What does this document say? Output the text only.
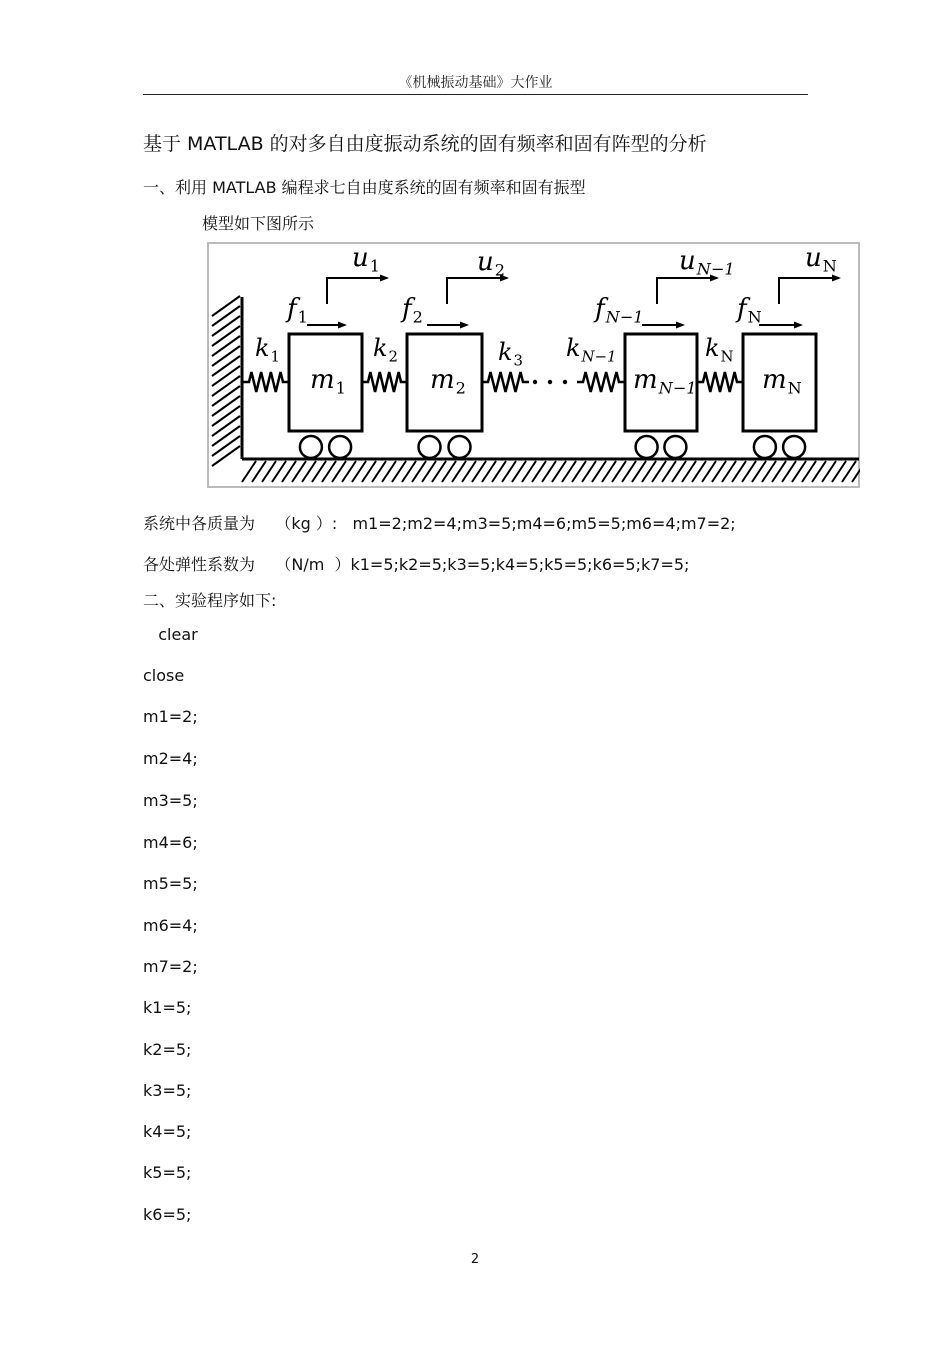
《机械振动基础》大作业
基于 MATLAB 的对多自由度振动系统的固有频率和固有阵型的分析
一、利用 MATLAB 编程求七自由度系统的固有频率和固有振型
模型如下图所示
$u_1$	$u_2$	$u_{N-1}$	$u_N$
$f_1$	$f_2$	$f_{N-1}$	$f_N$
$k_1$	$k_2$	$k_3$ $k_{N-1}$	$k_N$
$m_1$	$m_2$	$m_{N-1}$	$m_N$
系统中各质量为    （kg ）:   m1=2;m2=4;m3=5;m4=6;m5=5;m6=4;m7=2;
各处弹性系数为    （N/m  ）k1=5;k2=5;k3=5;k4=5;k5=5;k6=5;k7=5;
二、实验程序如下:
clear
close
m1=2;
m2=4;
m3=5;
m4=6;
m5=5;
m6=4;
m7=2;
k1=5;
k2=5;
k3=5;
k4=5;
k5=5;
k6=5;
2
